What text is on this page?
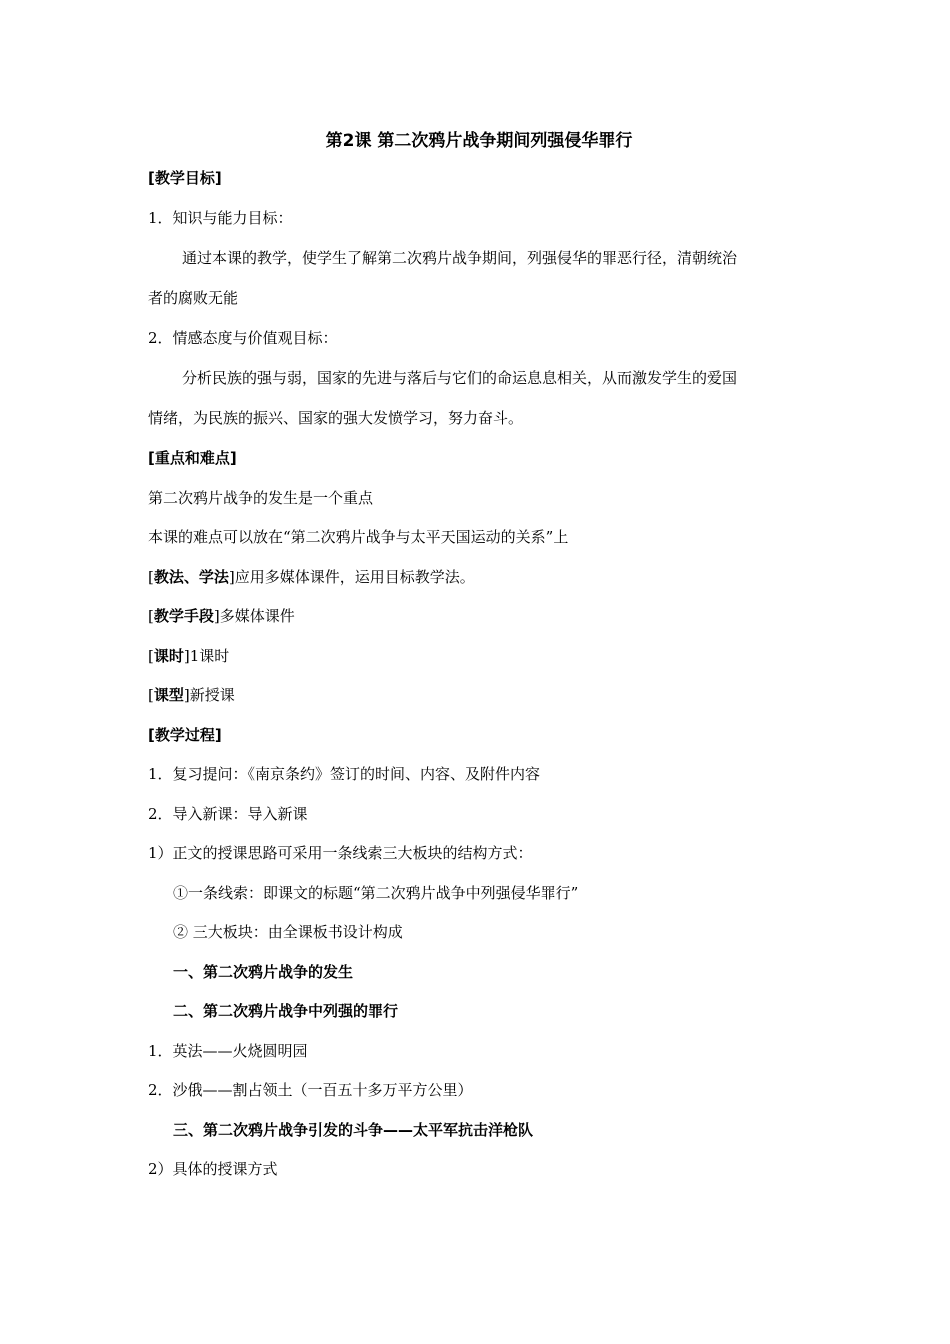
第2课 第二次鸦片战争期间列强侵华罪行
[教学目标]
1．知识与能力目标：
通过本课的教学，使学生了解第二次鸦片战争期间，列强侵华的罪恶行径，清朝统治
者的腐败无能
2．情感态度与价值观目标：
分析民族的强与弱，国家的先进与落后与它们的命运息息相关，从而激发学生的爱国
情绪，为民族的振兴、国家的强大发愤学习，努力奋斗。
[重点和难点]
第二次鸦片战争的发生是一个重点
本课的难点可以放在“第二次鸦片战争与太平天国运动的关系”上
[教法、学法]应用多媒体课件，运用目标教学法。
[教学手段]多媒体课件
[课时]1课时
[课型]新授课
[教学过程]
1．复习提问：《南京条约》签订的时间、内容、及附件内容
2．导入新课：导入新课
1）正文的授课思路可采用一条线索三大板块的结构方式：
①一条线索：即课文的标题“第二次鸦片战争中列强侵华罪行”
② 三大板块：由全课板书设计构成
一、第二次鸦片战争的发生
二、第二次鸦片战争中列强的罪行
1．英法——火烧圆明园
2．沙俄——割占领土（一百五十多万平方公里）
三、第二次鸦片战争引发的斗争——太平军抗击洋枪队
2）具体的授课方式
